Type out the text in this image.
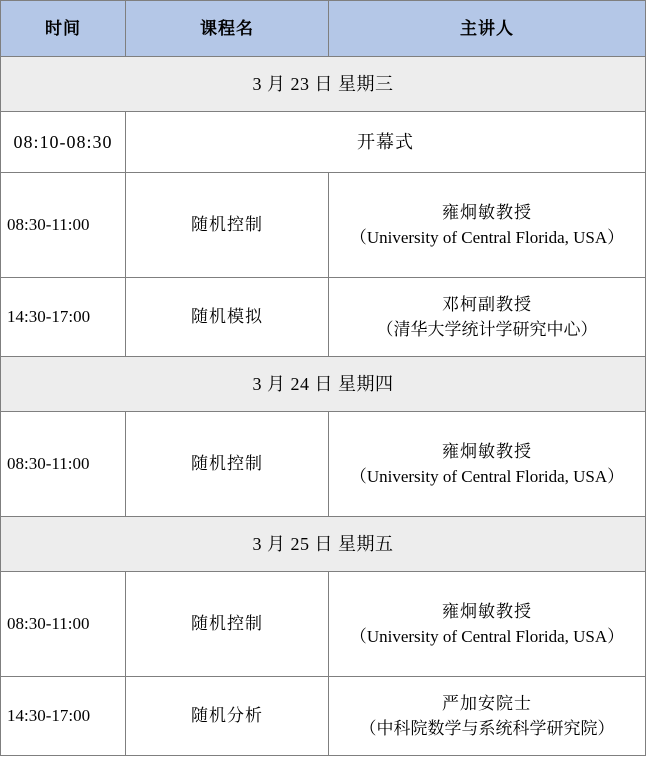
时间	课程名	主讲人
3 月 23 日 星期三		
08:10-08:30	开幕式	
08:30-11:00	随机控制	雍炯敏教授
（University of Central Florida, USA）

14:30-17:00	随机模拟	邓柯副教授
（清华大学统计学研究中心）

3 月 24 日 星期四		
08:30-11:00	随机控制	雍炯敏教授
（University of Central Florida, USA）

3 月 25 日 星期五		
08:30-11:00	随机控制	雍炯敏教授
（University of Central Florida, USA）

14:30-17:00	随机分析	严加安院士
（中科院数学与系统科学研究院）
